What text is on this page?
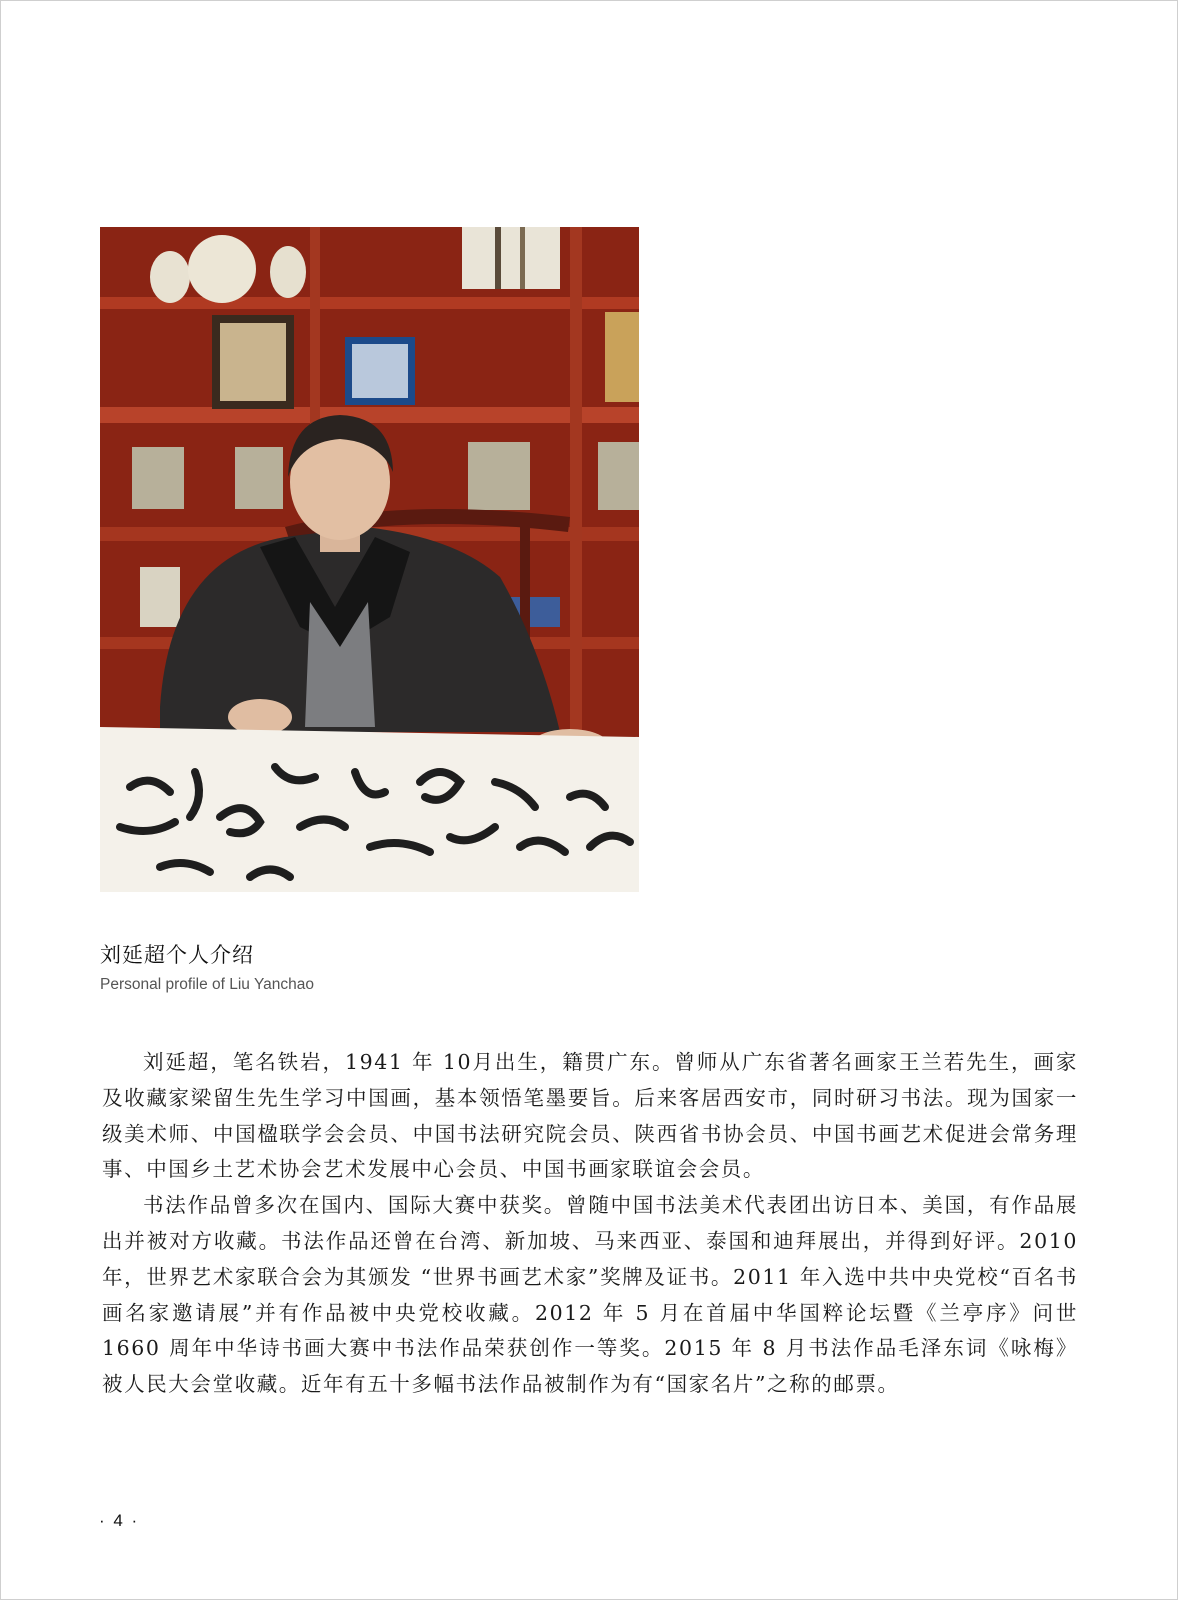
刘延超个人介绍
Personal profile of Liu Yanchao

刘延超，笔名铁岩，1941 年 10月出生，籍贯广东。曾师从广东省著名画家王兰若先生，画家及收藏家梁留生先生学习中国画，基本领悟笔墨要旨。后来客居西安市，同时研习书法。现为国家一级美术师、中国楹联学会会员、中国书法研究院会员、陕西省书协会员、中国书画艺术促进会常务理事、中国乡土艺术协会艺术发展中心会员、中国书画家联谊会会员。

书法作品曾多次在国内、国际大赛中获奖。曾随中国书法美术代表团出访日本、美国，有作品展出并被对方收藏。书法作品还曾在台湾、新加坡、马来西亚、泰国和迪拜展出，并得到好评。2010 年，世界艺术家联合会为其颁发 “世界书画艺术家”奖牌及证书。2011 年入选中共中央党校“百名书画名家邀请展”并有作品被中央党校收藏。2012 年 5 月在首届中华国粹论坛暨《兰亭序》问世 1660 周年中华诗书画大赛中书法作品荣获创作一等奖。2015 年 8 月书法作品毛泽东词《咏梅》被人民大会堂收藏。近年有五十多幅书法作品被制作为有“国家名片”之称的邮票。

· 4 ·
